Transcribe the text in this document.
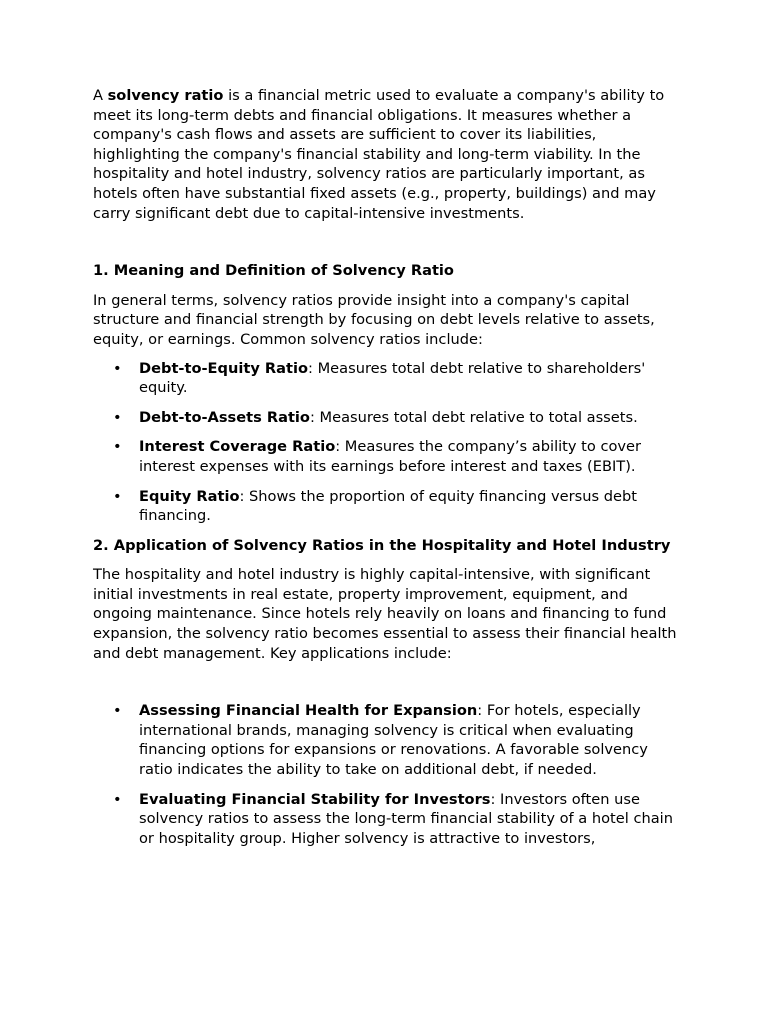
A solvency ratio is a financial metric used to evaluate a company's ability to meet its long-term debts and financial obligations. It measures whether a company's cash flows and assets are sufficient to cover its liabilities, highlighting the company's financial stability and long-term viability. In the hospitality and hotel industry, solvency ratios are particularly important, as hotels often have substantial fixed assets (e.g., property, buildings) and may carry significant debt due to capital-intensive investments.

1. Meaning and Definition of Solvency Ratio

In general terms, solvency ratios provide insight into a company's capital structure and financial strength by focusing on debt levels relative to assets, equity, or earnings. Common solvency ratios include:

• Debt-to-Equity Ratio: Measures total debt relative to shareholders' equity.
• Debt-to-Assets Ratio: Measures total debt relative to total assets.
• Interest Coverage Ratio: Measures the company’s ability to cover interest expenses with its earnings before interest and taxes (EBIT).
• Equity Ratio: Shows the proportion of equity financing versus debt financing.

2. Application of Solvency Ratios in the Hospitality and Hotel Industry

The hospitality and hotel industry is highly capital-intensive, with significant initial investments in real estate, property improvement, equipment, and ongoing maintenance. Since hotels rely heavily on loans and financing to fund expansion, the solvency ratio becomes essential to assess their financial health and debt management. Key applications include:

• Assessing Financial Health for Expansion: For hotels, especially international brands, managing solvency is critical when evaluating financing options for expansions or renovations. A favorable solvency ratio indicates the ability to take on additional debt, if needed.
• Evaluating Financial Stability for Investors: Investors often use solvency ratios to assess the long-term financial stability of a hotel chain or hospitality group. Higher solvency is attractive to investors,
